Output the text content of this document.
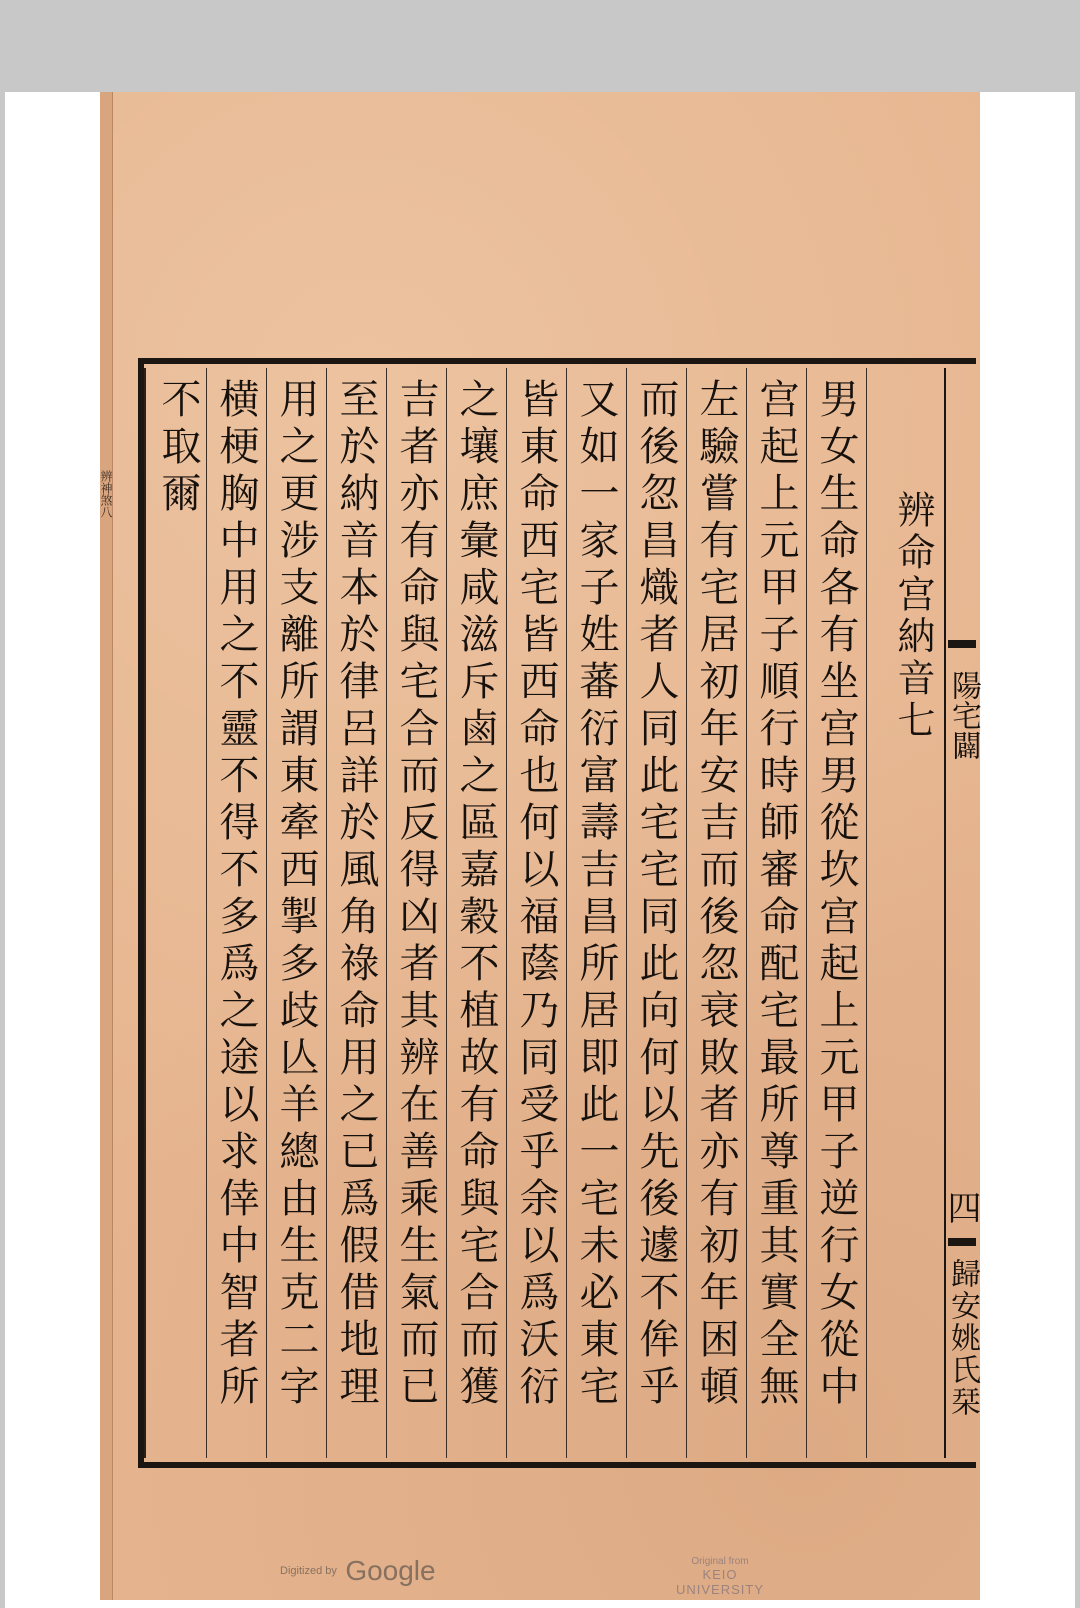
辨神煞八	辨命宫納音七
男女生命各有坐宫男從坎宫起上元甲子逆行女從中
宫起上元甲子順行時師審命配宅最所尊重其實全無
左驗嘗有宅居初年安吉而後忽衰敗者亦有初年困頓
而後忽昌熾者人同此宅宅同此向何以先後遽不侔乎
又如一家子姓蕃衍富壽吉昌所居即此一宅未必東宅
皆東命西宅皆西命也何以福蔭乃同受乎余以爲沃衍
之壤庶彙咸滋斥鹵之區嘉穀不植故有命與宅合而獲
吉者亦有命與宅合而反得凶者其辨在善乘生氣而已
至於納音本於律呂詳於風角祿命用之已爲假借地理
用之更涉支離所謂東牽西掣多歧亾羊總由生克二字
横梗胸中用之不靈不得不多爲之途以求倖中智者所
不取爾
陽宅闢
四
歸安姚氏栞
Digitized by Google	Original from
KEIO UNIVERSITY
